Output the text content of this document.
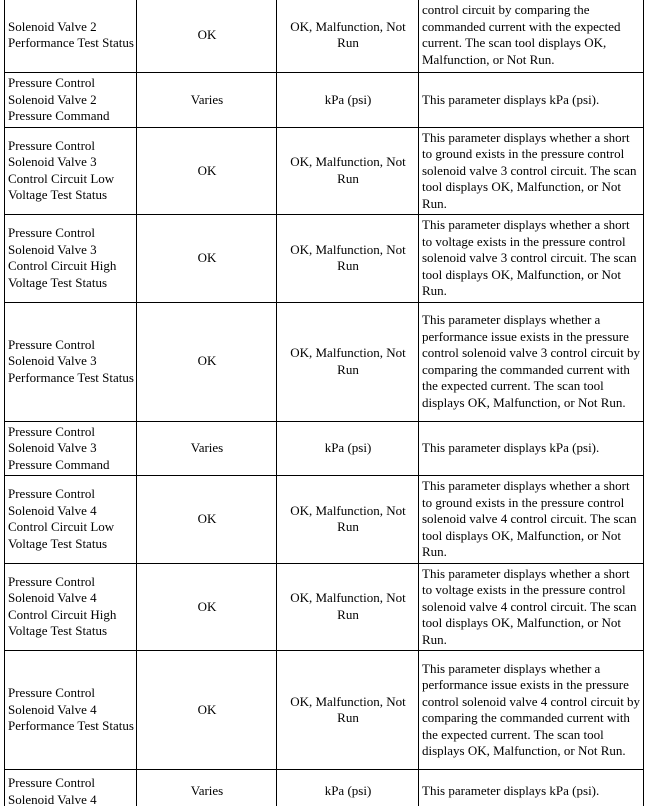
Solenoid Valve 2 Performance Test Status	OK	OK, Malfunction, Not Run	control circuit by comparing the commanded current with the expected current. The scan tool displays OK, Malfunction, or Not Run.
Pressure Control Solenoid Valve 2 Pressure Command	Varies	kPa (psi)	This parameter displays kPa (psi).
Pressure Control Solenoid Valve 3 Control Circuit Low Voltage Test Status	OK	OK, Malfunction, Not Run	This parameter displays whether a short to ground exists in the pressure control solenoid valve 3 control circuit. The scan tool displays OK, Malfunction, or Not Run.
Pressure Control Solenoid Valve 3 Control Circuit High Voltage Test Status	OK	OK, Malfunction, Not Run	This parameter displays whether a short to voltage exists in the pressure control solenoid valve 3 control circuit. The scan tool displays OK, Malfunction, or Not Run.
Pressure Control Solenoid Valve 3 Performance Test Status	OK	OK, Malfunction, Not Run	This parameter displays whether a performance issue exists in the pressure control solenoid valve 3 control circuit by comparing the commanded current with the expected current. The scan tool displays OK, Malfunction, or Not Run.
Pressure Control Solenoid Valve 3 Pressure Command	Varies	kPa (psi)	This parameter displays kPa (psi).
Pressure Control Solenoid Valve 4 Control Circuit Low Voltage Test Status	OK	OK, Malfunction, Not Run	This parameter displays whether a short to ground exists in the pressure control solenoid valve 4 control circuit. The scan tool displays OK, Malfunction, or Not Run.
Pressure Control Solenoid Valve 4 Control Circuit High Voltage Test Status	OK	OK, Malfunction, Not Run	This parameter displays whether a short to voltage exists in the pressure control solenoid valve 4 control circuit. The scan tool displays OK, Malfunction, or Not Run.
Pressure Control Solenoid Valve 4 Performance Test Status	OK	OK, Malfunction, Not Run	This parameter displays whether a performance issue exists in the pressure control solenoid valve 4 control circuit by comparing the commanded current with the expected current. The scan tool displays OK, Malfunction, or Not Run.
Pressure Control Solenoid Valve 4	Varies	kPa (psi)	This parameter displays kPa (psi).
